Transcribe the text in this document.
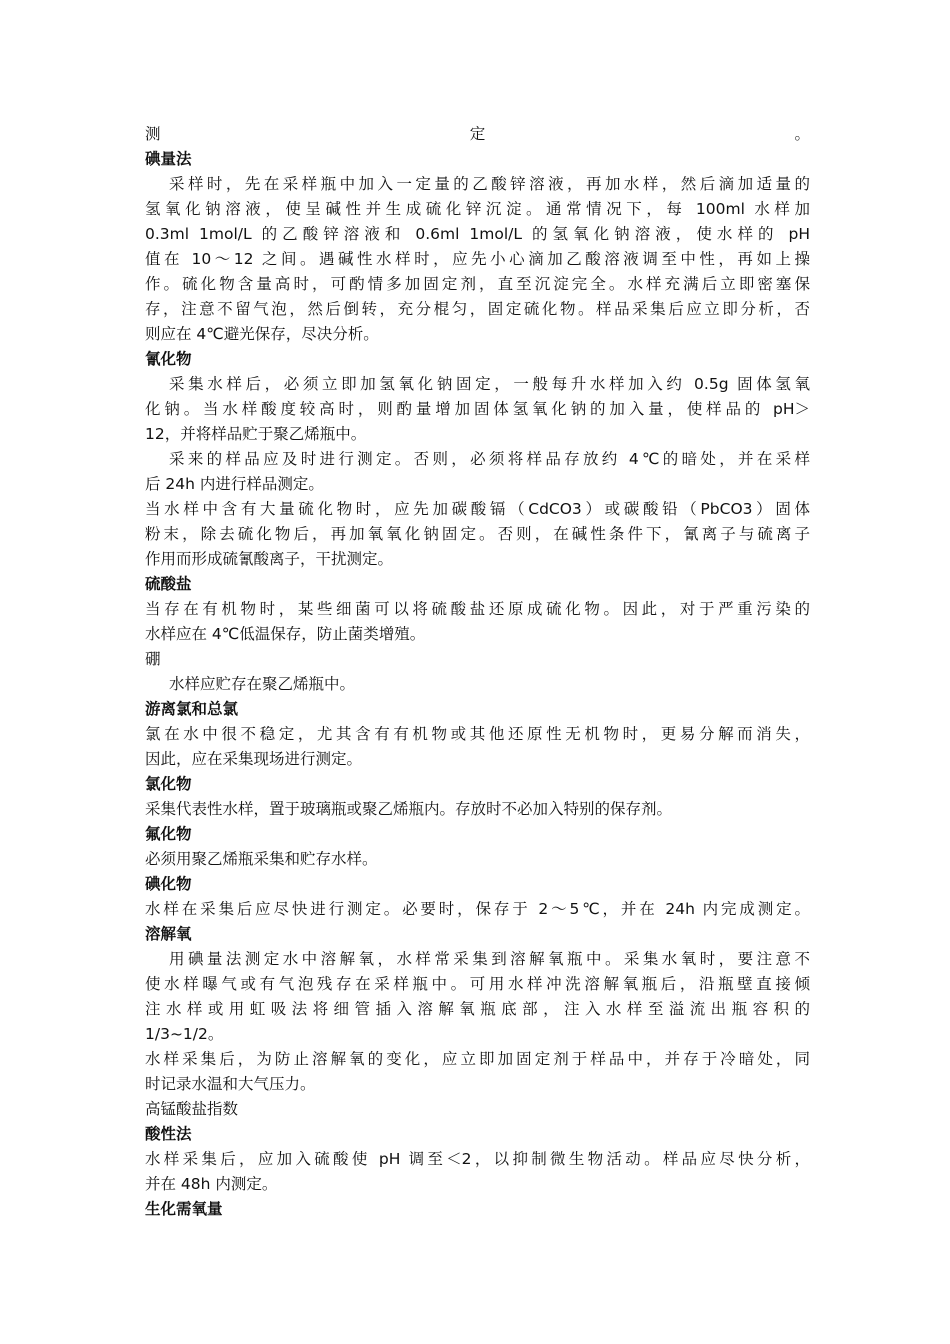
测定。
碘量法
采样时，先在采样瓶中加入一定量的乙酸锌溶液，再加水样，然后滴加适量的
氢氧化钠溶液，使呈碱性并生成硫化锌沉淀。通常情况下，每 100ml 水样加
0.3ml 1mol/L 的乙酸锌溶液和 0.6ml 1mol/L 的氢氧化钠溶液，使水样的 pH
值在 10～12 之间。遇碱性水样时，应先小心滴加乙酸溶液调至中性，再如上操
作。硫化物含量高时，可酌情多加固定剂，直至沉淀完全。水样充满后立即密塞保
存，注意不留气泡，然后倒转，充分棍匀，固定硫化物。样品采集后应立即分析，否
则应在 4℃避光保存，尽决分析。
氰化物
采集水样后，必须立即加氢氧化钠固定，一般每升水样加入约 0.5g 固体氢氧
化钠。当水样酸度较高时，则酌量增加固体氢氧化钠的加入量，使样品的 pH＞
12，并将样品贮于聚乙烯瓶中。
采来的样品应及时进行测定。否则，必须将样品存放约 4℃的暗处，并在采样
后 24h 内进行样品测定。
当水样中含有大量硫化物时，应先加碳酸镉（CdCO3）或碳酸铅（PbCO3）固体
粉末，除去硫化物后，再加氧氧化钠固定。否则，在碱性条件下，氰离子与硫离子
作用而形成硫氰酸离子，干扰测定。
硫酸盐
当存在有机物时，某些细菌可以将硫酸盐还原成硫化物。因此，对于严重污染的
水样应在 4℃低温保存，防止菌类增殖。
硼
水样应贮存在聚乙烯瓶中。
游离氯和总氯
氯在水中很不稳定，尤其含有有机物或其他还原性无机物时，更易分解而消失，
因此，应在采集现场进行测定。
氯化物
采集代表性水样，置于玻璃瓶或聚乙烯瓶内。存放时不必加入特别的保存剂。
氟化物
必须用聚乙烯瓶采集和贮存水样。
碘化物
水样在采集后应尽快进行测定。必要时，保存于 2～5℃，并在 24h 内完成测定。
溶解氧
用碘量法测定水中溶解氧，水样常采集到溶解氧瓶中。采集水氧时，要注意不
使水样曝气或有气泡残存在采样瓶中。可用水样冲洗溶解氧瓶后，沿瓶壁直接倾
注水样或用虹吸法将细管插入溶解氧瓶底部，注入水样至溢流出瓶容积的
1/3~1/2。
水样采集后，为防止溶解氧的变化，应立即加固定剂于样品中，并存于冷暗处，同
时记录水温和大气压力。
高锰酸盐指数
酸性法
水样采集后，应加入硫酸使 pH 调至＜2，以抑制微生物活动。样品应尽快分析，
并在 48h 内测定。
生化需氧量
